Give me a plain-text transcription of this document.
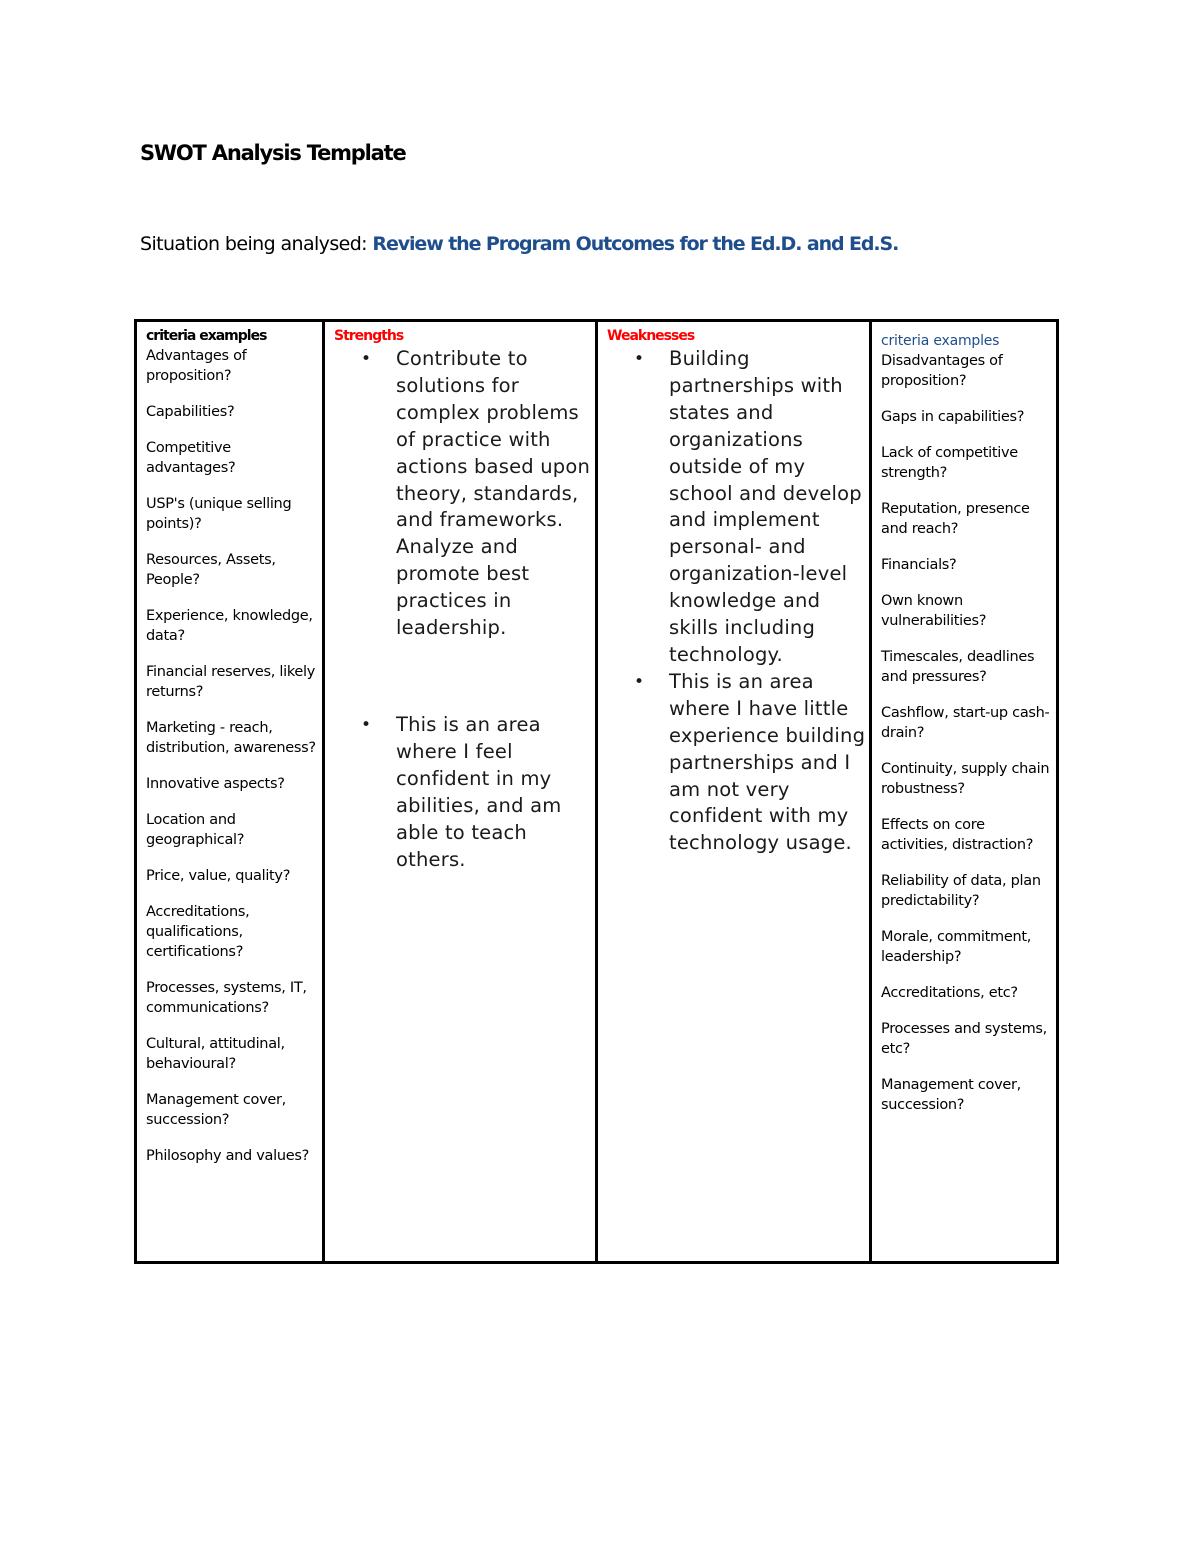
SWOT Analysis Template
Situation being analysed: Review the Program Outcomes for the Ed.D. and Ed.S.
criteria examples
Advantages of proposition?
Capabilities?
Competitive advantages?
USP's (unique selling points)?
Resources, Assets, People?
Experience, knowledge, data?
Financial reserves, likely returns?
Marketing - reach, distribution, awareness?
Innovative aspects?
Location and geographical?
Price, value, quality?
Accreditations, qualifications, certifications?
Processes, systems, IT, communications?
Cultural, attitudinal, behavioural?
Management cover, succession?
Philosophy and values?

Strengths
• Contribute to solutions for complex problems of practice with actions based upon theory, standards, and frameworks. Analyze and promote best practices in leadership.
• This is an area where I feel confident in my abilities, and am able to teach others.

Weaknesses
• Building partnerships with states and organizations outside of my school and develop and implement personal- and organization-level knowledge and skills including technology.
• This is an area where I have little experience building partnerships and I am not very confident with my technology usage.

criteria examples
Disadvantages of proposition?
Gaps in capabilities?
Lack of competitive strength?
Reputation, presence and reach?
Financials?
Own known vulnerabilities?
Timescales, deadlines and pressures?
Cashflow, start-up cash-drain?
Continuity, supply chain robustness?
Effects on core activities, distraction?
Reliability of data, plan predictability?
Morale, commitment, leadership?
Accreditations, etc?
Processes and systems, etc?
Management cover, succession?
